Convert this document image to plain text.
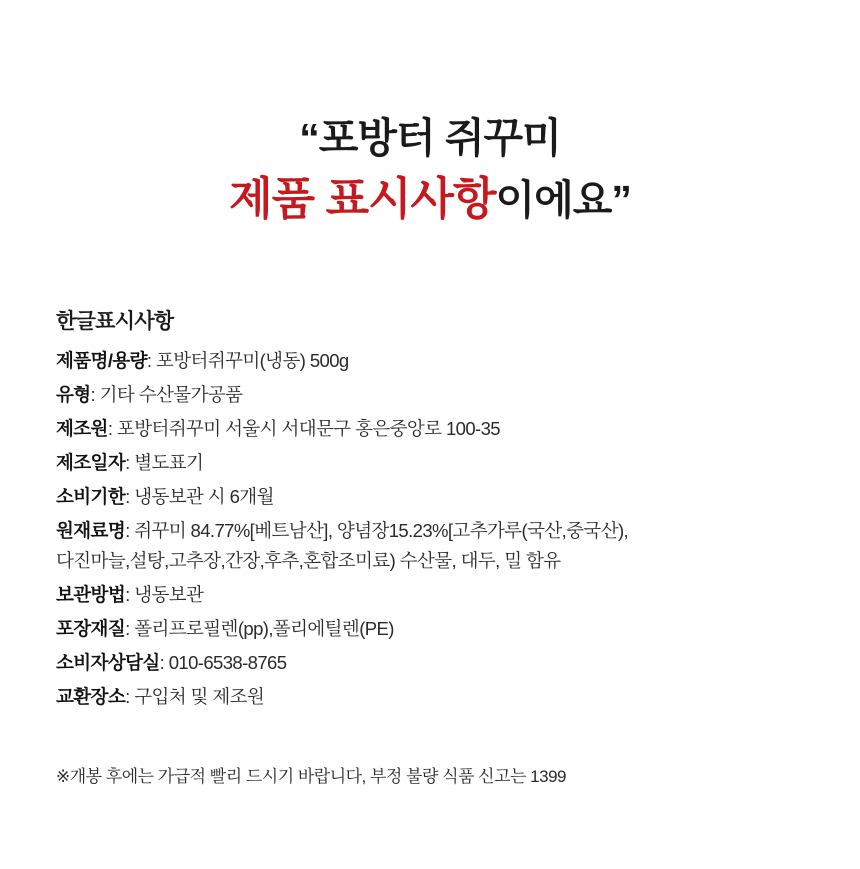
“포방터 쥐꾸미
제품 표시사항이에요”
한글표시사항
제품명/용량: 포방터쥐꾸미(냉동) 500g
유형: 기타 수산물가공품
제조원: 포방터쥐꾸미 서울시 서대문구 홍은중앙로 100-35
제조일자: 별도표기
소비기한: 냉동보관 시 6개월
원재료명: 쥐꾸미 84.77%[베트남산], 양념장15.23%[고추가루(국산,중국산),
다진마늘,설탕,고추장,간장,후추,혼합조미료) 수산물, 대두, 밀 함유
보관방법: 냉동보관
포장재질: 폴리프로필렌(pp),폴리에틸렌(PE)
소비자상담실: 010-6538-8765
교환장소: 구입처 및 제조원
※개봉 후에는 가급적 빨리 드시기 바랍니다, 부정 불량 식품 신고는 1399
